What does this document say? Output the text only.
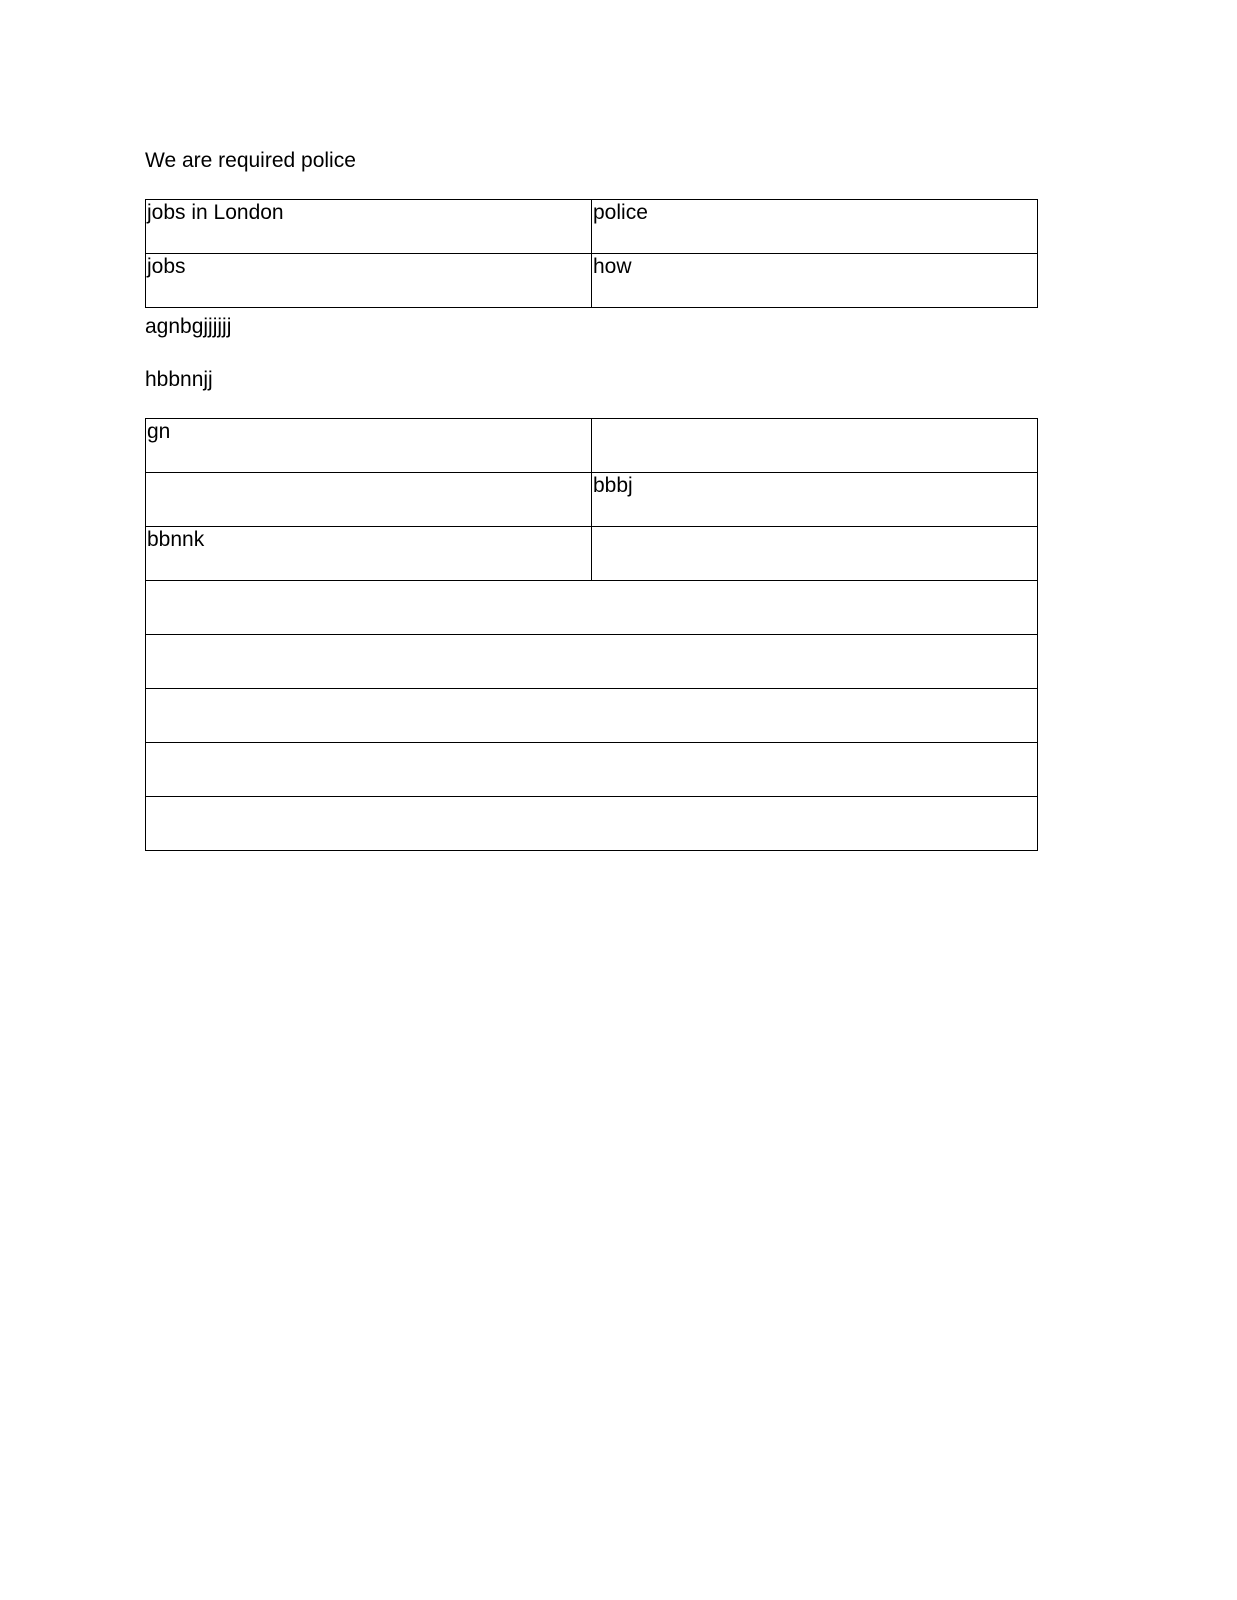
We are required police
jobs in London	police
jobs	how
agnbgjjjjjj
hbbnnjj
gn	
	bbbj
bbnnk	
